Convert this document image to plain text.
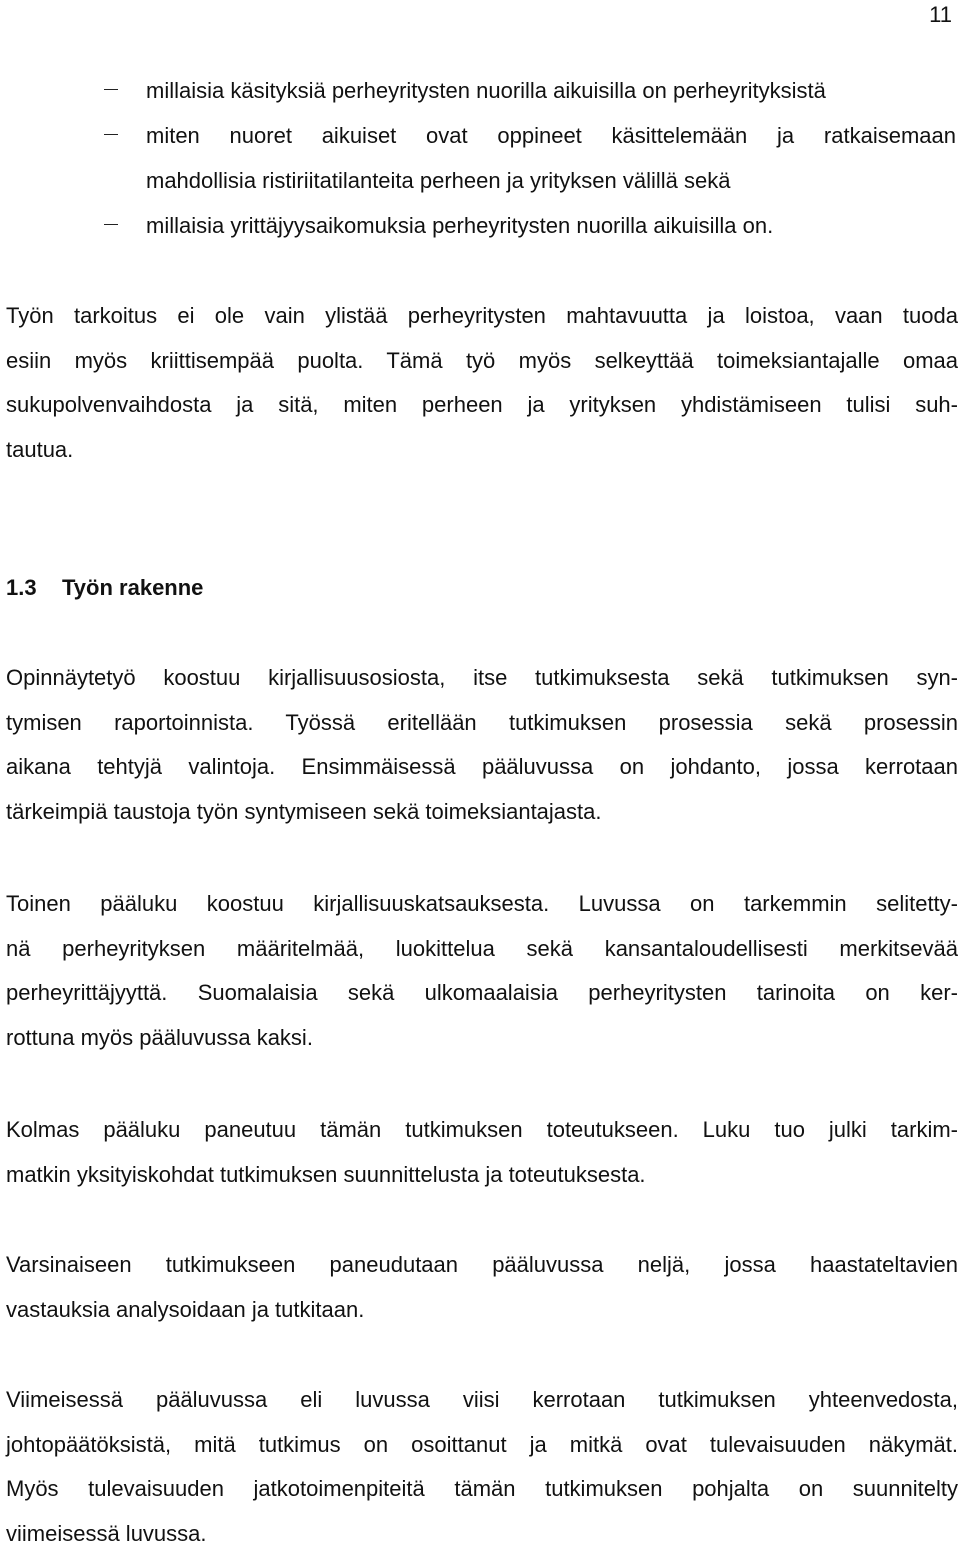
11
millaisia käsityksiä perheyritysten nuorilla aikuisilla on perheyrityksistä
miten nuoret aikuiset ovat oppineet käsittelemään ja ratkaisemaan
mahdollisia ristiriitatilanteita perheen ja yrityksen välillä sekä
millaisia yrittäjyysaikomuksia perheyritysten nuorilla aikuisilla on.
Työn tarkoitus ei ole vain ylistää perheyritysten mahtavuutta ja loistoa, vaan tuoda
esiin myös kriittisempää puolta. Tämä työ myös selkeyttää toimeksiantajalle omaa
sukupolvenvaihdosta ja sitä, miten perheen ja yrityksen yhdistämiseen tulisi suh-
tautua.
1.3 Työn rakenne
Opinnäytetyö koostuu kirjallisuusosiosta, itse tutkimuksesta sekä tutkimuksen syn-
tymisen raportoinnista. Työssä eritellään tutkimuksen prosessia sekä prosessin
aikana tehtyjä valintoja. Ensimmäisessä pääluvussa on johdanto, jossa kerrotaan
tärkeimpiä taustoja työn syntymiseen sekä toimeksiantajasta.
Toinen pääluku koostuu kirjallisuuskatsauksesta. Luvussa on tarkemmin selitetty-
nä perheyrityksen määritelmää, luokittelua sekä kansantaloudellisesti merkitsevää
perheyrittäjyyttä. Suomalaisia sekä ulkomaalaisia perheyritysten tarinoita on ker-
rottuna myös pääluvussa kaksi.
Kolmas pääluku paneutuu tämän tutkimuksen toteutukseen. Luku tuo julki tarkim-
matkin yksityiskohdat tutkimuksen suunnittelusta ja toteutuksesta.
Varsinaiseen tutkimukseen paneudutaan pääluvussa neljä, jossa haastateltavien
vastauksia analysoidaan ja tutkitaan.
Viimeisessä pääluvussa eli luvussa viisi kerrotaan tutkimuksen yhteenvedosta,
johtopäätöksistä, mitä tutkimus on osoittanut ja mitkä ovat tulevaisuuden näkymät.
Myös tulevaisuuden jatkotoimenpiteitä tämän tutkimuksen pohjalta on suunnitelty
viimeisessä luvussa.
